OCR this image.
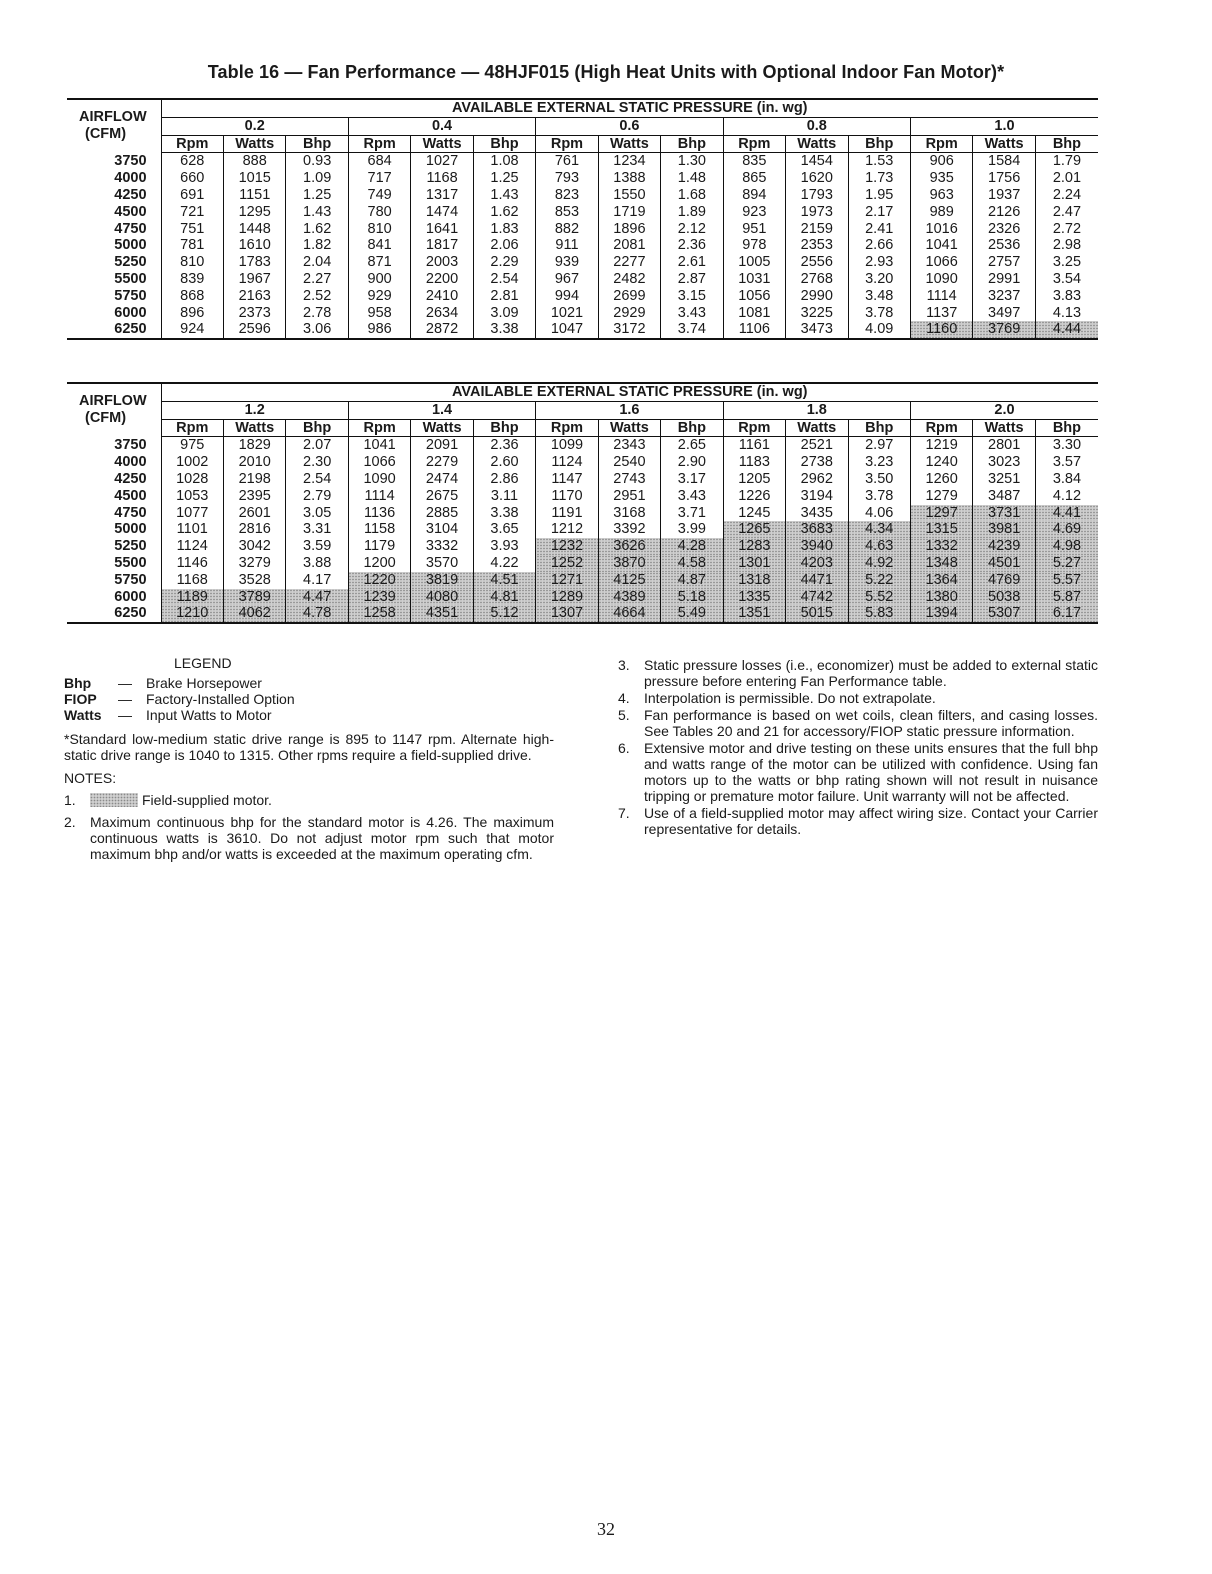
Table 16 — Fan Performance — 48HJF015 (High Heat Units with Optional Indoor Fan Motor)*
AIRFLOW
(CFM)	AVAILABLE EXTERNAL STATIC PRESSURE (in. wg)														
	0.2			0.4			0.6			0.8			1.0		
	Rpm	Watts	Bhp	Rpm	Watts	Bhp	Rpm	Watts	Bhp	Rpm	Watts	Bhp	Rpm	Watts	Bhp
3750	628	888	0.93	684	1027	1.08	761	1234	1.30	835	1454	1.53	906	1584	1.79
4000	660	1015	1.09	717	1168	1.25	793	1388	1.48	865	1620	1.73	935	1756	2.01
4250	691	1151	1.25	749	1317	1.43	823	1550	1.68	894	1793	1.95	963	1937	2.24
4500	721	1295	1.43	780	1474	1.62	853	1719	1.89	923	1973	2.17	989	2126	2.47
4750	751	1448	1.62	810	1641	1.83	882	1896	2.12	951	2159	2.41	1016	2326	2.72
5000	781	1610	1.82	841	1817	2.06	911	2081	2.36	978	2353	2.66	1041	2536	2.98
5250	810	1783	2.04	871	2003	2.29	939	2277	2.61	1005	2556	2.93	1066	2757	3.25
5500	839	1967	2.27	900	2200	2.54	967	2482	2.87	1031	2768	3.20	1090	2991	3.54
5750	868	2163	2.52	929	2410	2.81	994	2699	3.15	1056	2990	3.48	1114	3237	3.83
6000	896	2373	2.78	958	2634	3.09	1021	2929	3.43	1081	3225	3.78	1137	3497	4.13
6250	924	2596	3.06	986	2872	3.38	1047	3172	3.74	1106	3473	4.09	1160	3769	4.44
AIRFLOW
(CFM)	AVAILABLE EXTERNAL STATIC PRESSURE (in. wg)														
	1.2			1.4			1.6			1.8			2.0		
	Rpm	Watts	Bhp	Rpm	Watts	Bhp	Rpm	Watts	Bhp	Rpm	Watts	Bhp	Rpm	Watts	Bhp
3750	975	1829	2.07	1041	2091	2.36	1099	2343	2.65	1161	2521	2.97	1219	2801	3.30
4000	1002	2010	2.30	1066	2279	2.60	1124	2540	2.90	1183	2738	3.23	1240	3023	3.57
4250	1028	2198	2.54	1090	2474	2.86	1147	2743	3.17	1205	2962	3.50	1260	3251	3.84
4500	1053	2395	2.79	1114	2675	3.11	1170	2951	3.43	1226	3194	3.78	1279	3487	4.12
4750	1077	2601	3.05	1136	2885	3.38	1191	3168	3.71	1245	3435	4.06	1297	3731	4.41
5000	1101	2816	3.31	1158	3104	3.65	1212	3392	3.99	1265	3683	4.34	1315	3981	4.69
5250	1124	3042	3.59	1179	3332	3.93	1232	3626	4.28	1283	3940	4.63	1332	4239	4.98
5500	1146	3279	3.88	1200	3570	4.22	1252	3870	4.58	1301	4203	4.92	1348	4501	5.27
5750	1168	3528	4.17	1220	3819	4.51	1271	4125	4.87	1318	4471	5.22	1364	4769	5.57
6000	1189	3789	4.47	1239	4080	4.81	1289	4389	5.18	1335	4742	5.52	1380	5038	5.87
6250	1210	4062	4.78	1258	4351	5.12	1307	4664	5.49	1351	5015	5.83	1394	5307	6.17
LEGEND
Bhp	—	Brake Horsepower
FIOP	—	Factory-Installed Option
Watts	—	Input Watts to Motor
*Standard low-medium static drive range is 895 to 1147 rpm. Alternate high-static drive range is 1040 to 1315. Other rpms require a field-supplied drive.
NOTES:
1.	Field-supplied motor.
2.	Maximum continuous bhp for the standard motor is 4.26. The maximum continuous watts is 3610. Do not adjust motor rpm such that motor maximum bhp and/or watts is exceeded at the maximum operating cfm.
3.	Static pressure losses (i.e., economizer) must be added to external static pressure before entering Fan Performance table.
4.	Interpolation is permissible. Do not extrapolate.
5.	Fan performance is based on wet coils, clean filters, and casing losses. See Tables 20 and 21 for accessory/FIOP static pressure information.
6.	Extensive motor and drive testing on these units ensures that the full bhp and watts range of the motor can be utilized with confidence. Using fan motors up to the watts or bhp rating shown will not result in nuisance tripping or premature motor failure. Unit warranty will not be affected.
7.	Use of a field-supplied motor may affect wiring size. Contact your Carrier representative for details.
32
